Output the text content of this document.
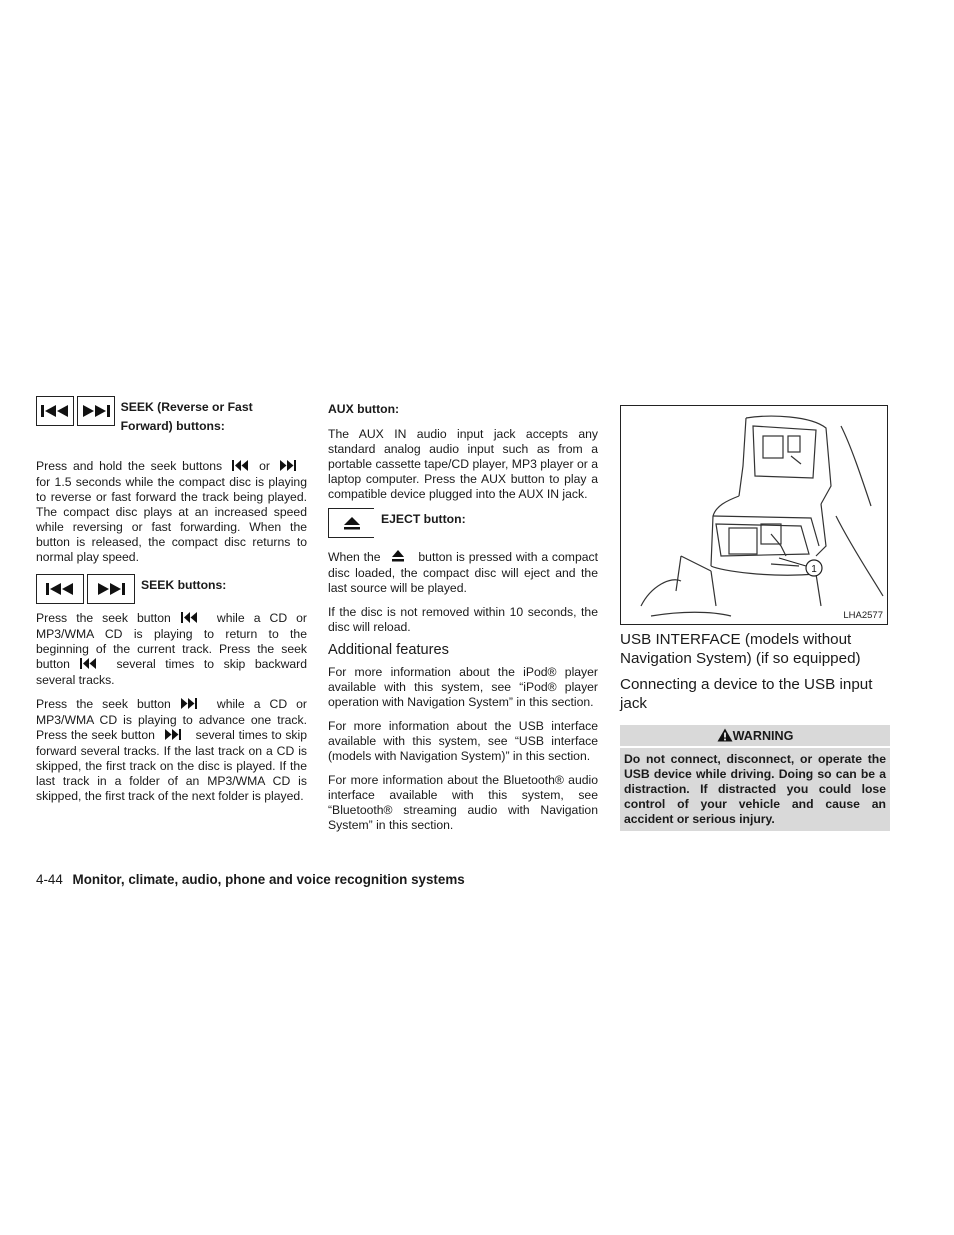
SEEK (Reverse or Fast Forward) buttons:

Press and hold the seek buttons	or for 1.5 seconds while the compact disc is playing to reverse or fast forward the track being played. The compact disc plays at an increased speed while reversing or fast forwarding. When the button is released, the compact disc returns to normal play speed.

SEEK buttons:

Press the seek button	while a CD or MP3/WMA CD is playing to return to the beginning of the current track. Press the seek button	several times to skip backward several tracks.

Press the seek button	while a CD or MP3/WMA CD is playing to advance one track. Press the seek button	several times to skip forward several tracks. If the last track on a CD is skipped, the first track on the disc is played. If the last track in a folder of an MP3/WMA CD is skipped, the first track of the next folder is played.

AUX button:

The AUX IN audio input jack accepts any standard analog audio input such as from a portable cassette tape/CD player, MP3 player or a laptop computer. Press the AUX button to play a compatible device plugged into the AUX IN jack.

EJECT button:

When the	button is pressed with a compact disc loaded, the compact disc will eject and the last source will be played.

If the disc is not removed within 10 seconds, the disc will reload.

Additional features

For more information about the iPod® player available with this system, see “iPod® player operation with Navigation System” in this section.

For more information about the USB interface available with this system, see “USB interface (models with Navigation System)” in this section.

For more information about the Bluetooth® audio interface available with this system, see “Bluetooth® streaming audio with Navigation System” in this section.

1
LHA2577
USB INTERFACE (models without Navigation System) (if so equipped)
Connecting a device to the USB input jack
WARNING
Do not connect, disconnect, or operate the USB device while driving. Doing so can be a distraction. If distracted you could lose control of your vehicle and cause an accident or serious injury.
4-44 Monitor, climate, audio, phone and voice recognition systems
